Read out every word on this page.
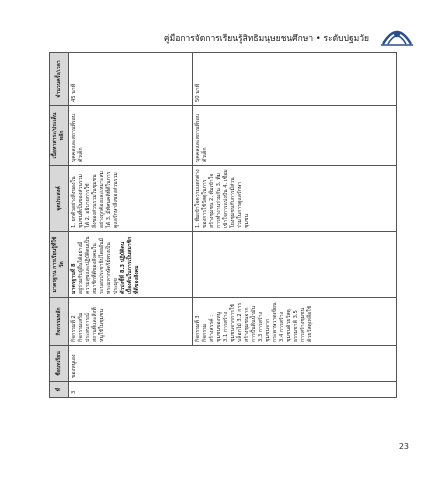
คู่มือการจัดการเรียนรู้สิทธิมนุษยชนศึกษา • ระดับปฐมวัย
ที่	ชื่อบทเรียน	กิจกรรมหลัก	มาตรฐาน การเรียนรู้ที่ใช้วัด	จุดประสงค์	เนื้อหาสาระ/ประเด็นหลัก	จำนวนครั้ง/เวลา
3	ของหนูเอง	กิจกรรมที่ 2 กิจกรรมเสริมประสบการณ์ สถานที่และสิ่งที่หนูใช้ในชุมชน	มาตรฐานที่ 8 อยู่ร่วมกับผู้อื่นได้อย่างมีความสุขและปฏิบัติตนเป็นสมาชิกที่ดีของสังคมในระบอบประชาธิปไตยอันมีพระมหากษัตริย์ทรงเป็นประมุข ตัวบ่งชี้ที่ 8.3 ปฏิบัติตนเบื้องต้นในการเป็นสมาชิกที่ดีของสังคม	1. ยกตัวอย่างสิ่งของในชุมชนที่เป็นของส่วนรวมได้ 2. อธิบายการใช้สิ่งของส่วนรวมในชุมชนอย่างถูกต้องและเหมาะสมได้ 3. มีทัศนคติที่ดีในการดูแลรักษาสิ่งของส่วนรวม	บุคคลและสถานที่รอบตัวเด็ก	45 นาที

		กิจกรรมที่ 3 กิจกรรมสร้างสรรค์ : ชุมชนของหนู 3.1 การสร้างชุมชนจากการใช้บล็อกไม้ 3.2 การสร้างชุมชนจากการปั้นดินน้ำมัน 3.3 การสร้างชุมชนจากกระดาษวาดเขียน 3.4 การสร้างชุมชนด้วยวัสดุธรรมชาติ 3.5 การสร้างชุมชนด้วยวัสดุเหลือใช้		1. ทีมเข้าใจความแตกต่างของการใช้วัสดุในการสร้างชุมชน 2. ทีมเข้าใจการทำงานร่วมกัน 3. ทีมเข้าใจการแบ่งปัน 4. เชื่อมโยงชุมชนกับการมีส่วนร่วมในการดูแลรักษาชุมชน	บุคคลและสถานที่รอบตัวเด็ก	50 นาที
23
